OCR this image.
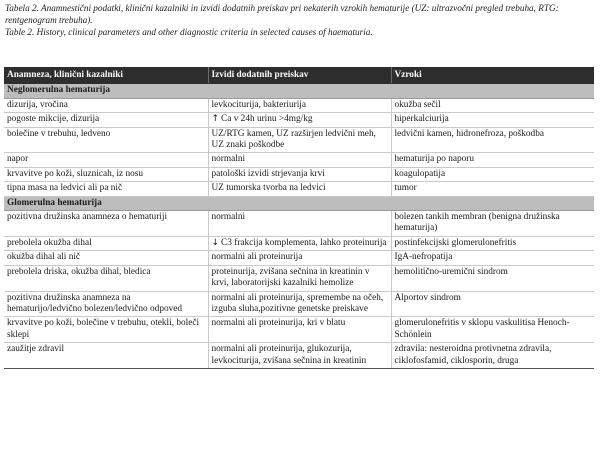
Tabela 2. Anamnestični podatki, klinični kazalniki in izvidi dodatnih preiskav pri nekaterih vzrokih hematurije (UZ: ultrazvočni pregled trebuha, RTG: rentgenogram trebuha).

Table 2. History, clinical parameters and other diagnostic criteria in selected causes of haematuria.

Anamneza, klinični kazalniki	Izvidi dodatnih preiskav	Vzroki
Neglomerulna hematurija		
dizurija, vročina	levkociturija, bakteriurija	okužba sečil
pogoste mikcije, dizurija	↑ Ca v 24h urinu >4mg/kg	hiperkalciurija
bolečine v trebuhu, ledveno	UZ/RTG kamen, UZ razširjen ledvični meh, UZ znaki poškodbe	ledvični kamen, hidronefroza, poškodba
napor	normalni	hematurija po naporu
krvavitve po koži, sluznicah, iz nosu	patološki izvidi strjevanja krvi	koagulopatija
tipna masa na ledvici ali pa nič	UZ tumorska tvorba na ledvici	tumor
Glomerulna hematurija		
pozitivna družinska anamneza o hematuriji	normalni	bolezen tankih membran (benigna družinska hematurija)
prebolela okužba dihal	↓ C3 frakcija komplementa, lahko proteinurija	postinfekcijski glomerulonefritis
okužba dihal ali nič	normalni ali proteinurija	IgA-nefropatija
prebolela driska, okužba dihal, bledica	proteinurija, zvišana sečnina in kreatinin v krvi, laboratorijski kazalniki hemolize	hemolitično-uremični sindrom
pozitivna družinska anamneza na hematurijo/ledvično bolezen/ledvično odpoved	normalni ali proteinurija, spremembe na očeh, izguba sluha,pozitivne genetske preiskave	Alportov sindrom
krvavitve po koži, bolečine v trebuhu, otekli, boleči sklepi	normalni ali proteinurija, kri v blatu	glomerulonefritis v sklopu vaskulitisa Henoch-Schönlein
zaužitje zdravil	normalni ali proteinurija, glukozurija, levkociturija, zvišana sečnina in kreatinin	zdravila: nesteroidna protivnetna zdravila, ciklofosfamid, ciklosporin, druga
